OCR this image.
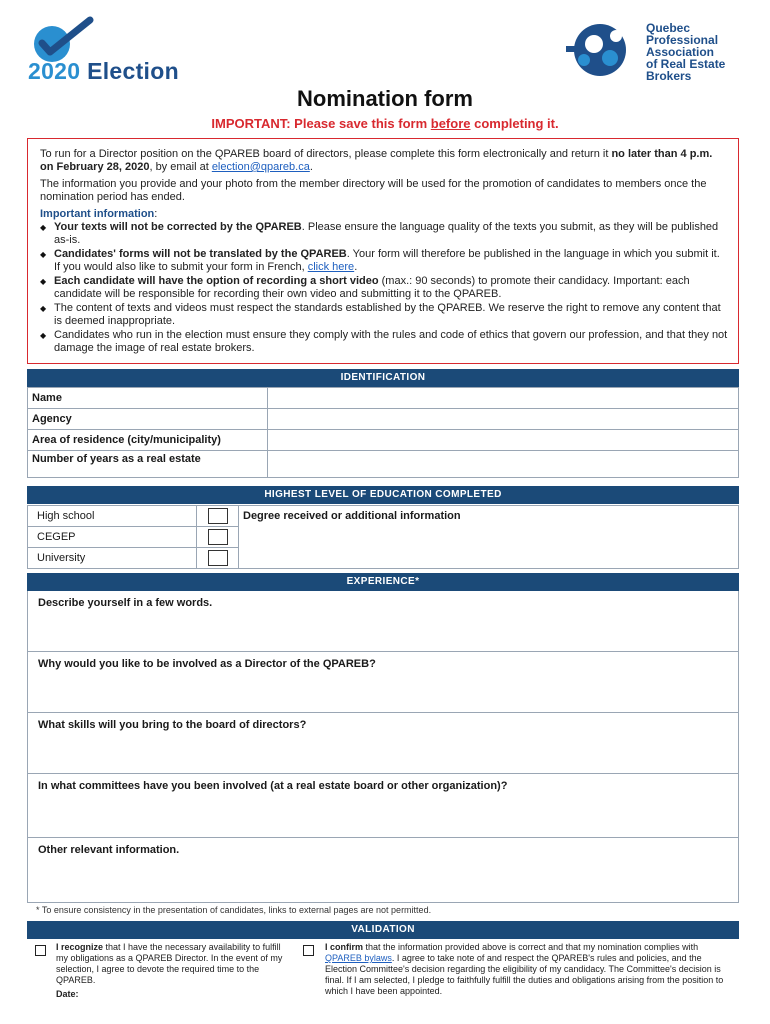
2020 Election
Quebec
Professional
Association
of Real Estate
Brokers
Nomination form
IMPORTANT: Please save this form before completing it.

To run for a Director position on the QPAREB board of directors, please complete this form electronically and return it no later than 4 p.m. on February 28, 2020, by email at election@qpareb.ca.

The information you provide and your photo from the member directory will be used for the promotion of candidates to members once the nomination period has ended.

Important information:

◆ Your texts will not be corrected by the QPAREB. Please ensure the language quality of the texts you submit, as they will be published as-is.
◆ Candidates' forms will not be translated by the QPAREB. Your form will therefore be published in the language in which you submit it. If you would also like to submit your form in French, click here.
◆ Each candidate will have the option of recording a short video (max.: 90 seconds) to promote their candidacy. Important: each candidate will be responsible for recording their own video and submitting it to the QPAREB.
◆ The content of texts and videos must respect the standards established by the QPAREB. We reserve the right to remove any content that is deemed inappropriate.
◆ Candidates who run in the election must ensure they comply with the rules and code of ethics that govern our profession, and that they not damage the image of real estate brokers.
IDENTIFICATION
Name	
Agency	
Area of residence (city/municipality)	
Number of years as a real estate	
HIGHEST LEVEL OF EDUCATION COMPLETED
High school		Degree received or additional information
CEGEP		
University		
EXPERIENCE*
Describe yourself in a few words.
Why would you like to be involved as a Director of the QPAREB?
What skills will you bring to the board of directors?
In what committees have you been involved (at a real estate board or other organization)?
Other relevant information.
* To ensure consistency in the presentation of candidates, links to external pages are not permitted.
VALIDATION
I recognize that I have the necessary availability to fulfill my obligations as a QPAREB Director. In the event of my selection, I agree to devote the required time to the QPAREB.
Date:
I confirm that the information provided above is correct and that my nomination complies with QPAREB bylaws. I agree to take note of and respect the QPAREB's rules and policies, and the Election Committee's decision regarding the eligibility of my candidacy. The Committee's decision is final. If I am selected, I pledge to faithfully fulfill the duties and obligations arising from the position to which I have been appointed.
